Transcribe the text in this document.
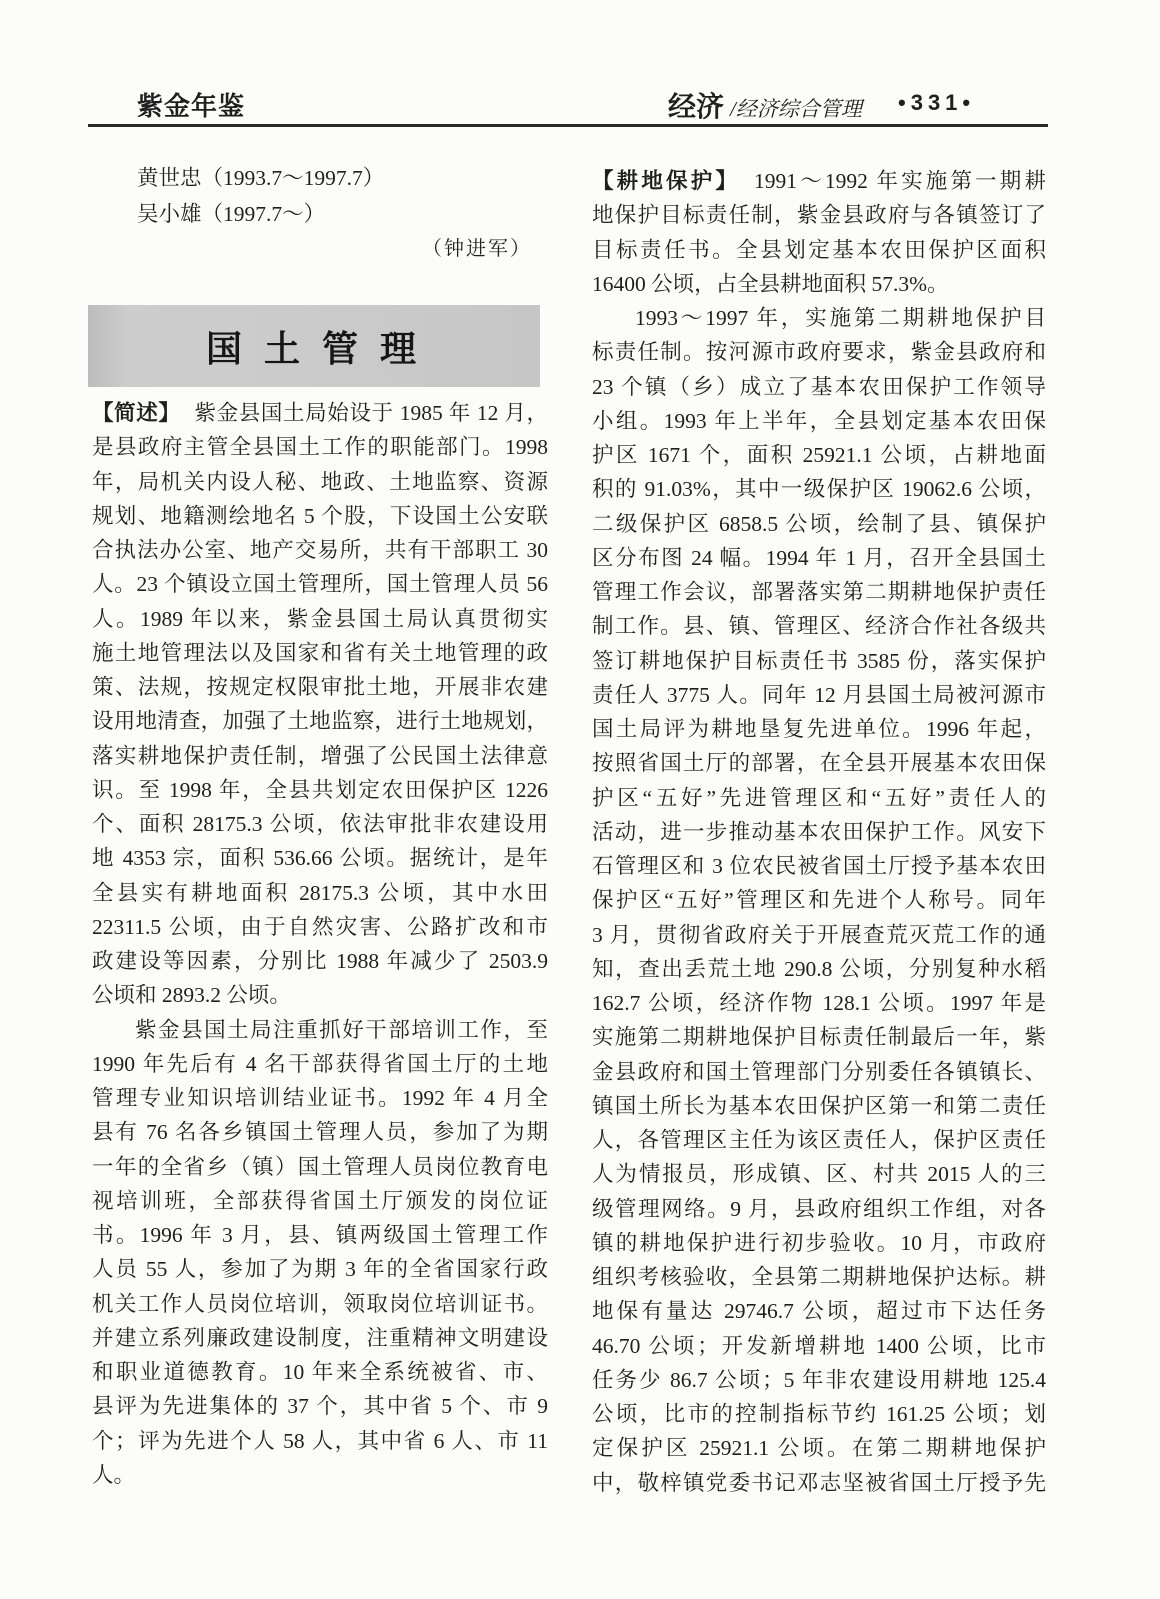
紫金年鉴	经济 /经济综合管理 •331•
黄世忠（1993.7～1997.7）
吴小雄（1997.7～）
（钟进军）
国 土 管 理
【简述】 紫金县国土局始设于 1985 年 12 月，
是县政府主管全县国土工作的职能部门。1998
年，局机关内设人秘、地政、土地监察、资源
规划、地籍测绘地名 5 个股，下设国土公安联
合执法办公室、地产交易所，共有干部职工 30
人。23 个镇设立国土管理所，国土管理人员 56
人。1989 年以来，紫金县国土局认真贯彻实
施土地管理法以及国家和省有关土地管理的政
策、法规，按规定权限审批土地，开展非农建
设用地清查，加强了土地监察，进行土地规划，
落实耕地保护责任制，增强了公民国土法律意
识。至 1998 年，全县共划定农田保护区 1226
个、面积 28175.3 公顷，依法审批非农建设用
地 4353 宗，面积 536.66 公顷。据统计，是年
全县实有耕地面积 28175.3 公顷，其中水田
22311.5 公顷，由于自然灾害、公路扩改和市
政建设等因素，分别比 1988 年减少了 2503.9
公顷和 2893.2 公顷。
紫金县国土局注重抓好干部培训工作，至
1990 年先后有 4 名干部获得省国土厅的土地
管理专业知识培训结业证书。1992 年 4 月全
县有 76 名各乡镇国土管理人员，参加了为期
一年的全省乡（镇）国土管理人员岗位教育电
视培训班，全部获得省国土厅颁发的岗位证
书。1996 年 3 月，县、镇两级国土管理工作
人员 55 人，参加了为期 3 年的全省国家行政
机关工作人员岗位培训，领取岗位培训证书。
并建立系列廉政建设制度，注重精神文明建设
和职业道德教育。10 年来全系统被省、市、
县评为先进集体的 37 个，其中省 5 个、市 9
个；评为先进个人 58 人，其中省 6 人、市 11
人。
【耕地保护】 1991～1992 年实施第一期耕
地保护目标责任制，紫金县政府与各镇签订了
目标责任书。全县划定基本农田保护区面积
16400 公顷，占全县耕地面积 57.3%。
1993～1997 年，实施第二期耕地保护目
标责任制。按河源市政府要求，紫金县政府和
23 个镇（乡）成立了基本农田保护工作领导
小组。1993 年上半年，全县划定基本农田保
护区 1671 个，面积 25921.1 公顷，占耕地面
积的 91.03%，其中一级保护区 19062.6 公顷，
二级保护区 6858.5 公顷，绘制了县、镇保护
区分布图 24 幅。1994 年 1 月，召开全县国土
管理工作会议，部署落实第二期耕地保护责任
制工作。县、镇、管理区、经济合作社各级共
签订耕地保护目标责任书 3585 份，落实保护
责任人 3775 人。同年 12 月县国土局被河源市
国土局评为耕地垦复先进单位。1996 年起，
按照省国土厅的部署，在全县开展基本农田保
护区“五好”先进管理区和“五好”责任人的
活动，进一步推动基本农田保护工作。风安下
石管理区和 3 位农民被省国土厅授予基本农田
保护区“五好”管理区和先进个人称号。同年
3 月，贯彻省政府关于开展查荒灭荒工作的通
知，查出丢荒土地 290.8 公顷，分别复种水稻
162.7 公顷，经济作物 128.1 公顷。1997 年是
实施第二期耕地保护目标责任制最后一年，紫
金县政府和国土管理部门分别委任各镇镇长、
镇国土所长为基本农田保护区第一和第二责任
人，各管理区主任为该区责任人，保护区责任
人为情报员，形成镇、区、村共 2015 人的三
级管理网络。9 月，县政府组织工作组，对各
镇的耕地保护进行初步验收。10 月，市政府
组织考核验收，全县第二期耕地保护达标。耕
地保有量达 29746.7 公顷，超过市下达任务
46.70 公顷；开发新增耕地 1400 公顷，比市
任务少 86.7 公顷；5 年非农建设用耕地 125.4
公顷，比市的控制指标节约 161.25 公顷；划
定保护区 25921.1 公顷。在第二期耕地保护
中，敬梓镇党委书记邓志坚被省国土厅授予先
